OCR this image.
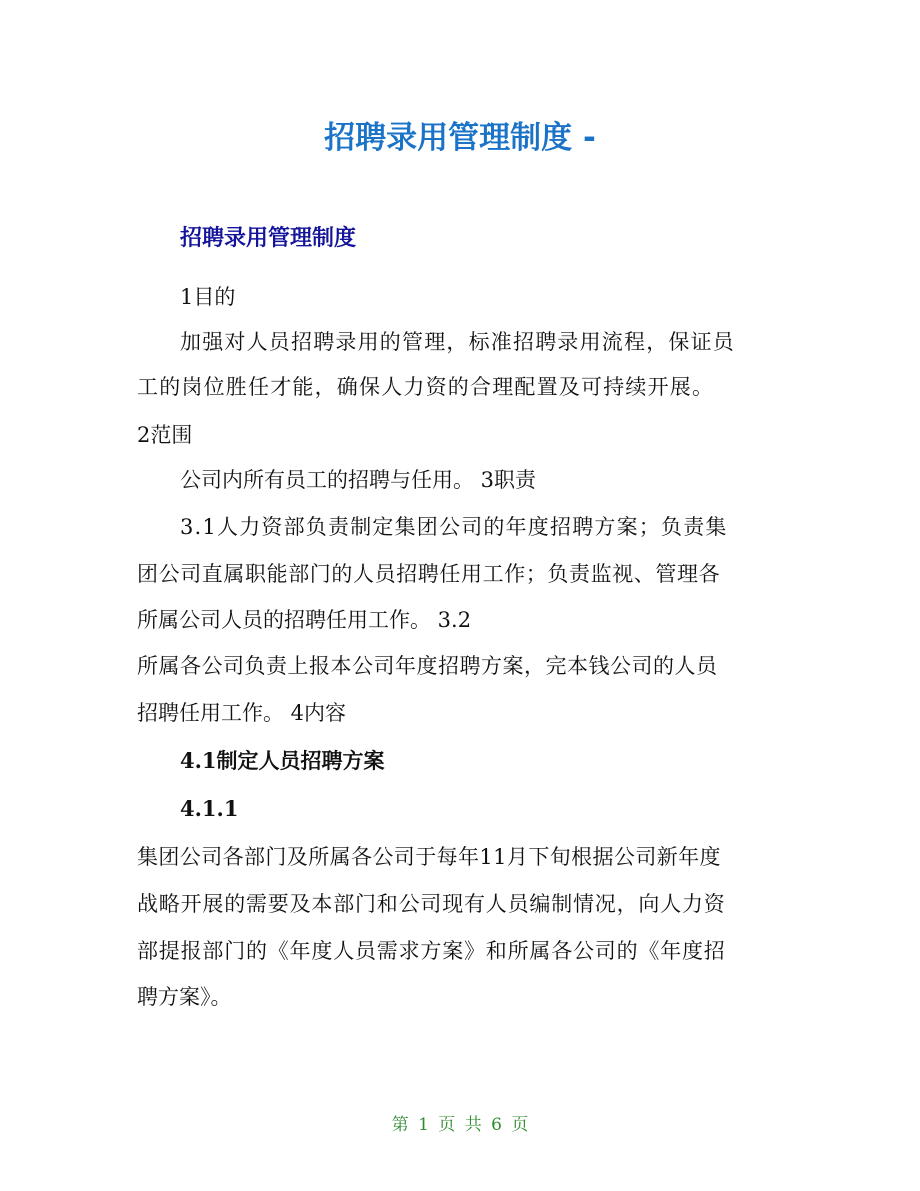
招聘录用管理制度 -
招聘录用管理制度

1目的

加强对人员招聘录用的管理，标准招聘录用流程，保证员

工的岗位胜任才能，确保人力资的合理配置及可持续开展。

2范围

公司内所有员工的招聘与任用。 3职责

3.1人力资部负责制定集团公司的年度招聘方案；负责集

团公司直属职能部门的人员招聘任用工作；负责监视、管理各

所属公司人员的招聘任用工作。 3.2

所属各公司负责上报本公司年度招聘方案，完本钱公司的人员

招聘任用工作。 4内容

4.1制定人员招聘方案

4.1.1

集团公司各部门及所属各公司于每年11月下旬根据公司新年度

战略开展的需要及本部门和公司现有人员编制情况，向人力资

部提报部门的《年度人员需求方案》和所属各公司的《年度招

聘方案》。

第 1 页 共 6 页
